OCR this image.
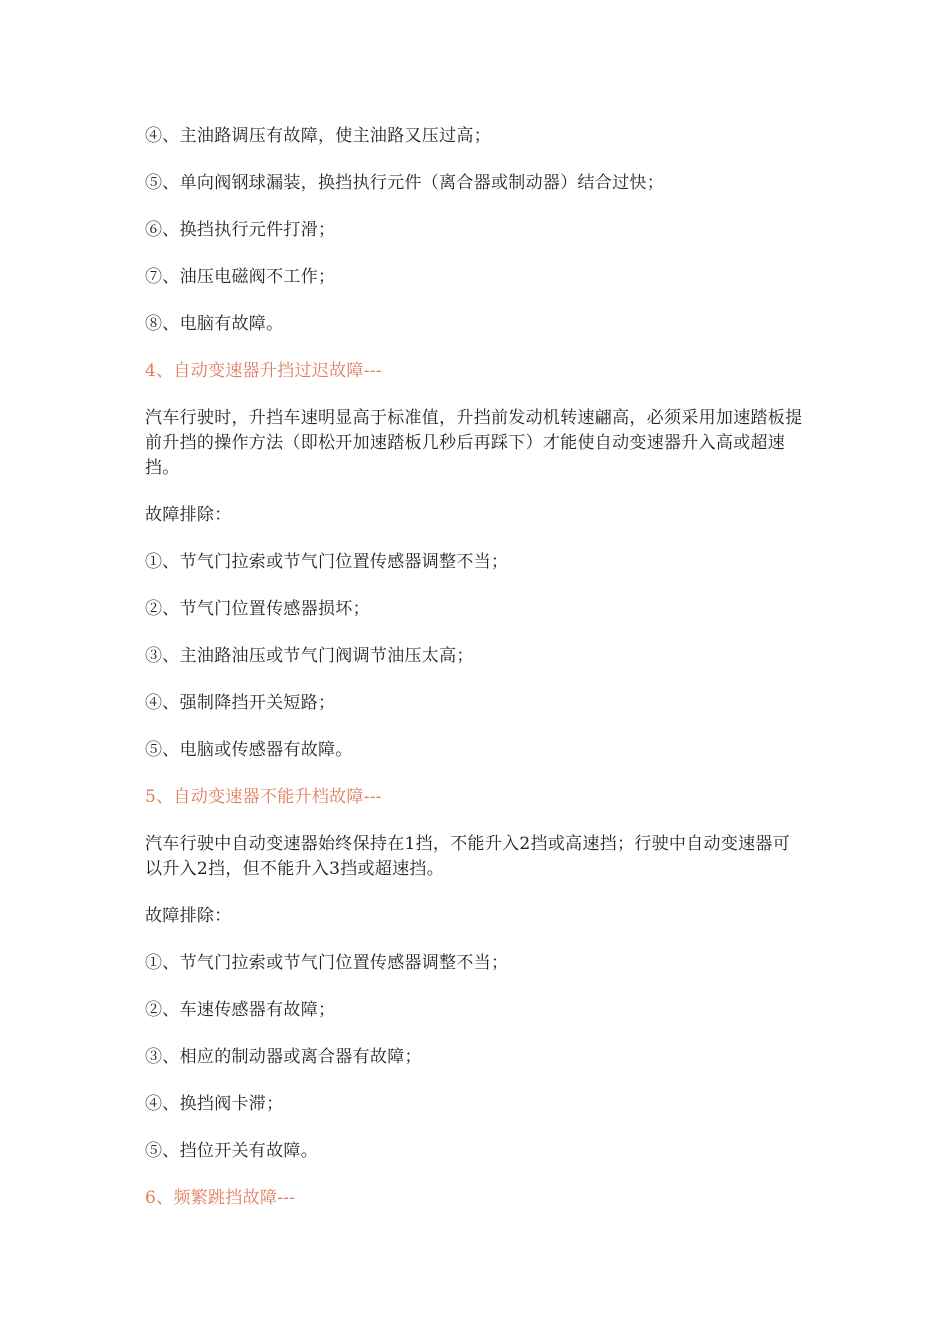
④、主油路调压有故障，使主油路又压过高；

⑤、单向阀钢球漏装，换挡执行元件（离合器或制动器）结合过快；

⑥、换挡执行元件打滑；

⑦、油压电磁阀不工作；

⑧、电脑有故障。

4、自动变速器升挡过迟故障---

汽车行驶时，升挡车速明显高于标准值，升挡前发动机转速翩高，必须采用加速踏板提前升挡的操作方法（即松开加速踏板几秒后再踩下）才能使自动变速器升入高或超速挡。

故障排除：

①、节气门拉索或节气门位置传感器调整不当；

②、节气门位置传感器损坏；

③、主油路油压或节气门阀调节油压太高；

④、强制降挡开关短路；

⑤、电脑或传感器有故障。

5、自动变速器不能升档故障---

汽车行驶中自动变速器始终保持在1挡，不能升入2挡或高速挡；行驶中自动变速器可以升入2挡，但不能升入3挡或超速挡。

故障排除：

①、节气门拉索或节气门位置传感器调整不当；

②、车速传感器有故障；

③、相应的制动器或离合器有故障；

④、换挡阀卡滞；

⑤、挡位开关有故障。

6、频繁跳挡故障---
